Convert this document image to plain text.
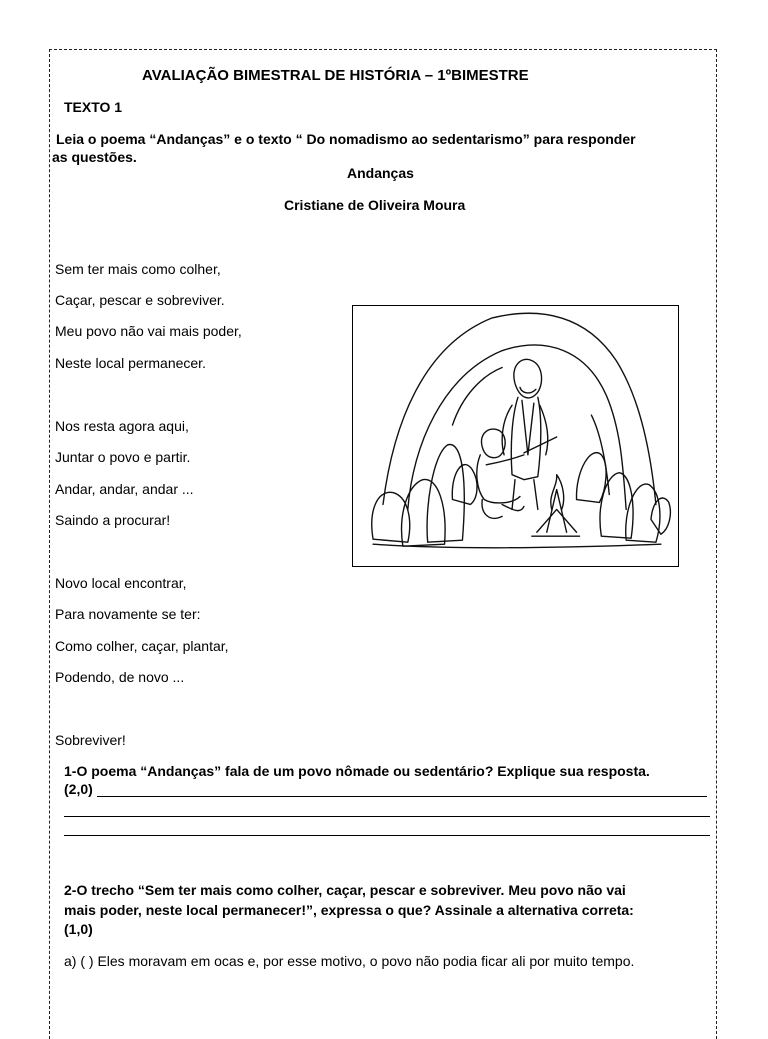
AVALIAÇÃO BIMESTRAL DE HISTÓRIA – 1ºBIMESTRE
TEXTO 1
Leia o poema “Andanças” e o texto “ Do nomadismo ao sedentarismo” para responder
as questões.
Andanças
Cristiane de Oliveira Moura
Sem ter mais como colher,
Caçar, pescar e sobreviver.
Meu povo não vai mais poder,
Neste local permanecer.
Nos resta agora aqui,
Juntar o povo e partir.
Andar, andar, andar ...
Saindo a procurar!
Novo local encontrar,
Para novamente se ter:
Como colher, caçar, plantar,
Podendo, de novo ...
Sobreviver!
1-O poema “Andanças” fala de um povo nômade ou sedentário? Explique sua resposta.
(2,0)
2-O trecho “Sem ter mais como colher, caçar, pescar e sobreviver. Meu povo não vai
mais poder, neste local permanecer!”, expressa o que? Assinale a alternativa correta:
(1,0)
a) ( ) Eles moravam em ocas e, por esse motivo, o povo não podia ficar ali por muito tempo.
